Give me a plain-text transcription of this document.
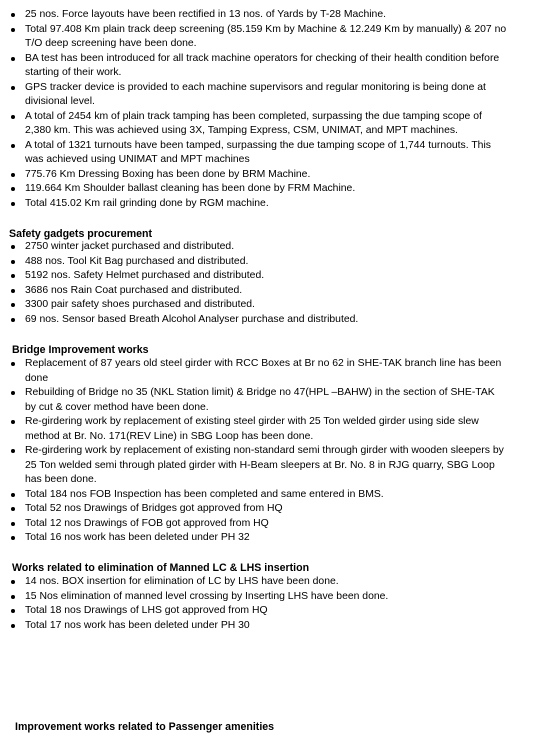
25 nos. Force layouts have been rectified in 13 nos. of Yards by T-28 Machine.
Total 97.408 Km plain track deep screening (85.159 Km by Machine & 12.249 Km by manually) & 207 no T/O deep screening have been done.
BA test has been introduced for all track machine operators for checking of their health condition before starting of their work.
GPS tracker device is provided to each machine supervisors and regular monitoring is being done at divisional level.
A total of 2454 km of plain track tamping has been completed, surpassing the due tamping scope of 2,380 km. This was achieved using 3X, Tamping Express, CSM, UNIMAT, and MPT machines.
A total of 1321 turnouts have been tamped, surpassing the due tamping scope of 1,744 turnouts. This was achieved using UNIMAT and MPT machines
775.76 Km Dressing Boxing has been done by BRM Machine.
119.664 Km Shoulder ballast cleaning has been done by FRM Machine.
Total 415.02 Km rail grinding done by RGM machine.
Safety gadgets procurement
2750 winter jacket purchased and distributed.
488 nos. Tool Kit Bag purchased and distributed.
5192 nos. Safety Helmet purchased and distributed.
3686 nos Rain Coat purchased and distributed.
3300 pair safety shoes purchased and distributed.
69 nos. Sensor based Breath Alcohol Analyser purchase and distributed.
Bridge Improvement works
Replacement of 87 years old steel girder with RCC Boxes at Br no 62 in SHE-TAK branch line has been done
Rebuilding of Bridge no 35 (NKL Station limit) & Bridge no 47(HPL –BAHW) in the section of SHE-TAK by cut & cover method have been done.
Re-girdering work by replacement of existing steel girder with 25 Ton welded girder using side slew method at Br. No. 171(REV Line) in SBG Loop has been done.
Re-girdering work by replacement of existing non-standard semi through girder with wooden sleepers by 25 Ton welded semi through plated girder with H-Beam sleepers at Br. No. 8 in RJG quarry, SBG Loop has been done.
Total 184 nos FOB Inspection has been completed and same entered in BMS.
Total 52 nos Drawings of Bridges got approved from HQ
Total 12 nos Drawings of FOB got approved from HQ
Total 16 nos work has been deleted under PH 32
Works related to elimination of Manned LC & LHS insertion
14 nos. BOX insertion for elimination of LC by LHS have been done.
15 Nos elimination of manned level crossing by Inserting LHS have been done.
Total 18 nos Drawings of LHS got approved from HQ
Total 17 nos work has been deleted under PH 30
Improvement works related to Passenger amenities
